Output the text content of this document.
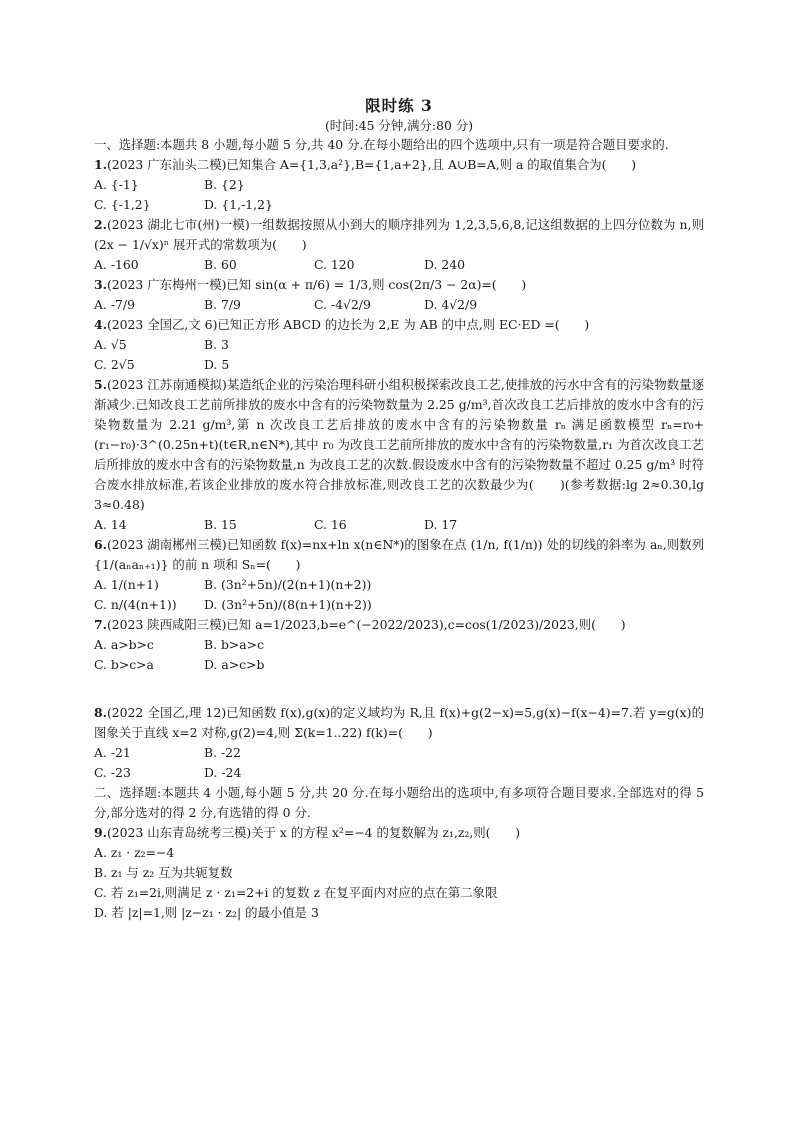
限时练 3
(时间:45 分钟,满分:80 分)

一、选择题:本题共 8 小题,每小题 5 分,共 40 分.在每小题给出的四个选项中,只有一项是符合题目要求的.

1.(2023 广东汕头二模)已知集合 A={1,3,a²},B={1,a+2},且 A∪B=A,则 a 的取值集合为(　　)

A. {-1}	B. {2}
C. {-1,2}	D. {1,-1,2}

2.(2023 湖北七市(州)一模)一组数据按照从小到大的顺序排列为 1,2,3,5,6,8,记这组数据的上四分位数为 n,则 (2x − 1/√x)ⁿ 展开式的常数项为(　　)

A. -160	B. 60	C. 120	D. 240

3.(2023 广东梅州一模)已知 sin(α + π/6) = 1/3,则 cos(2π/3 − 2α)=(　　)

A. -7/9	B. 7/9	C. -4√2/9	D. 4√2/9

4.(2023 全国乙,文 6)已知正方形 ABCD 的边长为 2,E 为 AB 的中点,则 EC·ED =(　　)

A. √5	B. 3
C. 2√5	D. 5

5.(2023 江苏南通模拟)某造纸企业的污染治理科研小组积极探索改良工艺,使排放的污水中含有的污染物数量逐渐减少.已知改良工艺前所排放的废水中含有的污染物数量为 2.25 g/m³,首次改良工艺后排放的废水中含有的污染物数量为 2.21 g/m³,第 n 次改良工艺后排放的废水中含有的污染物数量 rₙ 满足函数模型 rₙ=r₀+(r₁−r₀)·3^(0.25n+t)(t∈R,n∈N*),其中 r₀ 为改良工艺前所排放的废水中含有的污染物数量,r₁ 为首次改良工艺后所排放的废水中含有的污染物数量,n 为改良工艺的次数.假设废水中含有的污染物数量不超过 0.25 g/m³ 时符合废水排放标准,若该企业排放的废水符合排放标准,则改良工艺的次数最少为(　　)(参考数据:lg 2≈0.30,lg 3≈0.48)

A. 14	B. 15	C. 16	D. 17

6.(2023 湖南郴州三模)已知函数 f(x)=nx+ln x(n∈N*)的图象在点 (1/n, f(1/n)) 处的切线的斜率为 aₙ,则数列 {1/(aₙaₙ₊₁)} 的前 n 项和 Sₙ=(　　)

A. 1/(n+1)	B. (3n²+5n)/(2(n+1)(n+2))
C. n/(4(n+1))	D. (3n²+5n)/(8(n+1)(n+2))

7.(2023 陕西咸阳三模)已知 a=1/2023,b=e^(−2022/2023),c=cos(1/2023)/2023,则(　　)

A. a>b>c	B. b>a>c
C. b>c>a	D. a>c>b

8.(2022 全国乙,理 12)已知函数 f(x),g(x)的定义域均为 R,且 f(x)+g(2−x)=5,g(x)−f(x−4)=7.若 y=g(x)的图象关于直线 x=2 对称,g(2)=4,则 Σ(k=1..22) f(k)=(　　)

A. -21	B. -22
C. -23	D. -24

二、选择题:本题共 4 小题,每小题 5 分,共 20 分.在每小题给出的选项中,有多项符合题目要求.全部选对的得 5 分,部分选对的得 2 分,有选错的得 0 分.

9.(2023 山东青岛统考三模)关于 x 的方程 x²=−4 的复数解为 z₁,z₂,则(　　)

A. z₁ · z₂=−4
B. z₁ 与 z₂ 互为共轭复数
C. 若 z₁=2i,则满足 z · z₁=2+i 的复数 z 在复平面内对应的点在第二象限
D. 若 |z|=1,则 |z−z₁ · z₂| 的最小值是 3
